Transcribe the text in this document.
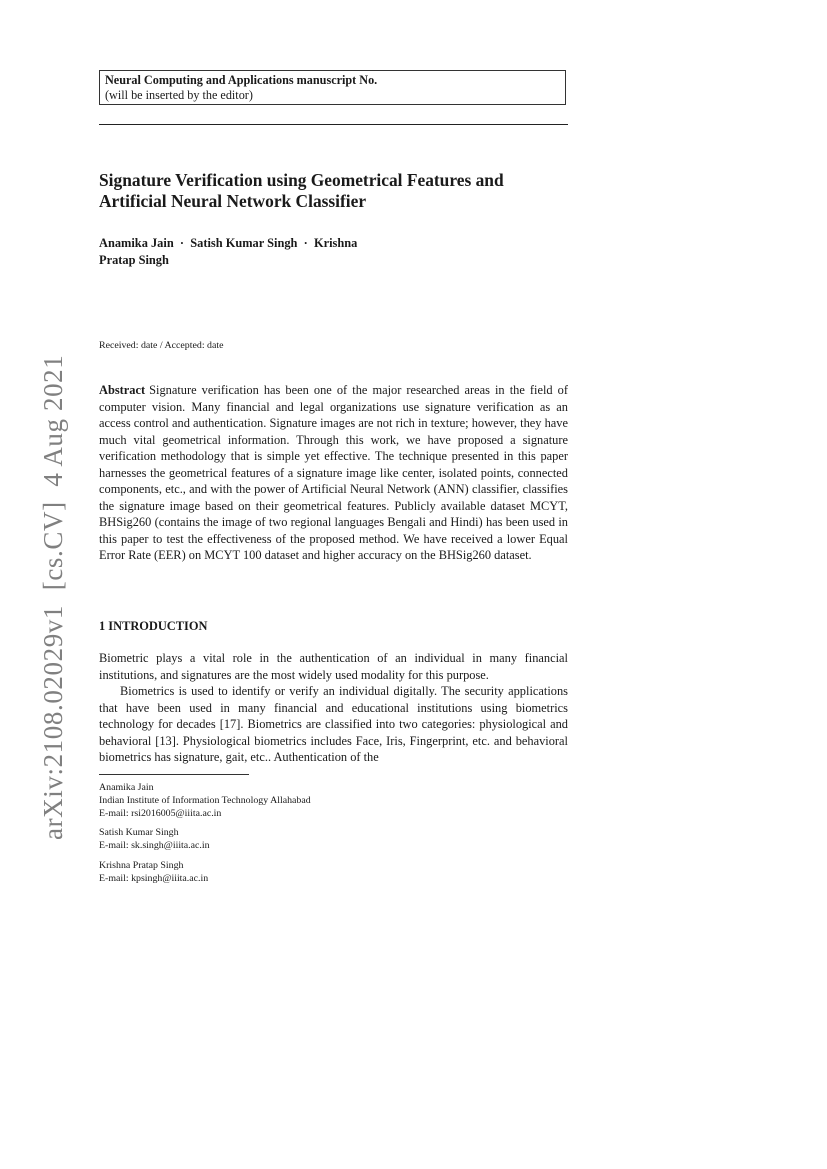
Neural Computing and Applications manuscript No.
(will be inserted by the editor)
Signature Verification using Geometrical Features and
Artificial Neural Network Classifier
Anamika Jain  ·  Satish Kumar Singh  ·  Krishna
Pratap Singh
Received: date / Accepted: date
Abstract Signature verification has been one of the major researched areas in the field of computer vision. Many financial and legal organizations use signature verification as an access control and authentication. Signature images are not rich in texture; however, they have much vital geometrical information. Through this work, we have proposed a signature verification methodology that is simple yet effective. The technique presented in this paper harnesses the geometrical features of a signature image like center, isolated points, connected components, etc., and with the power of Artificial Neural Network (ANN) classifier, classifies the signature image based on their geometrical features. Publicly available dataset MCYT, BHSig260 (contains the image of two regional languages Bengali and Hindi) has been used in this paper to test the effectiveness of the proposed method. We have received a lower Equal Error Rate (EER) on MCYT 100 dataset and higher accuracy on the BHSig260 dataset.
1 INTRODUCTION

Biometric plays a vital role in the authentication of an individual in many financial institutions, and signatures are the most widely used modality for this purpose.

Biometrics is used to identify or verify an individual digitally. The security applications that have been used in many financial and educational institutions using biometrics technology for decades [17]. Biometrics are classified into two categories: physiological and behavioral [13]. Physiological biometrics includes Face, Iris, Fingerprint, etc. and behavioral biometrics has signature, gait, etc.. Authentication of the

Anamika Jain
Indian Institute of Information Technology Allahabad
E-mail: rsi2016005@iiita.ac.in
Satish Kumar Singh
E-mail: sk.singh@iiita.ac.in
Krishna Pratap Singh
E-mail: kpsingh@iiita.ac.in
arXiv:2108.02029v1  [cs.CV]  4 Aug 2021
